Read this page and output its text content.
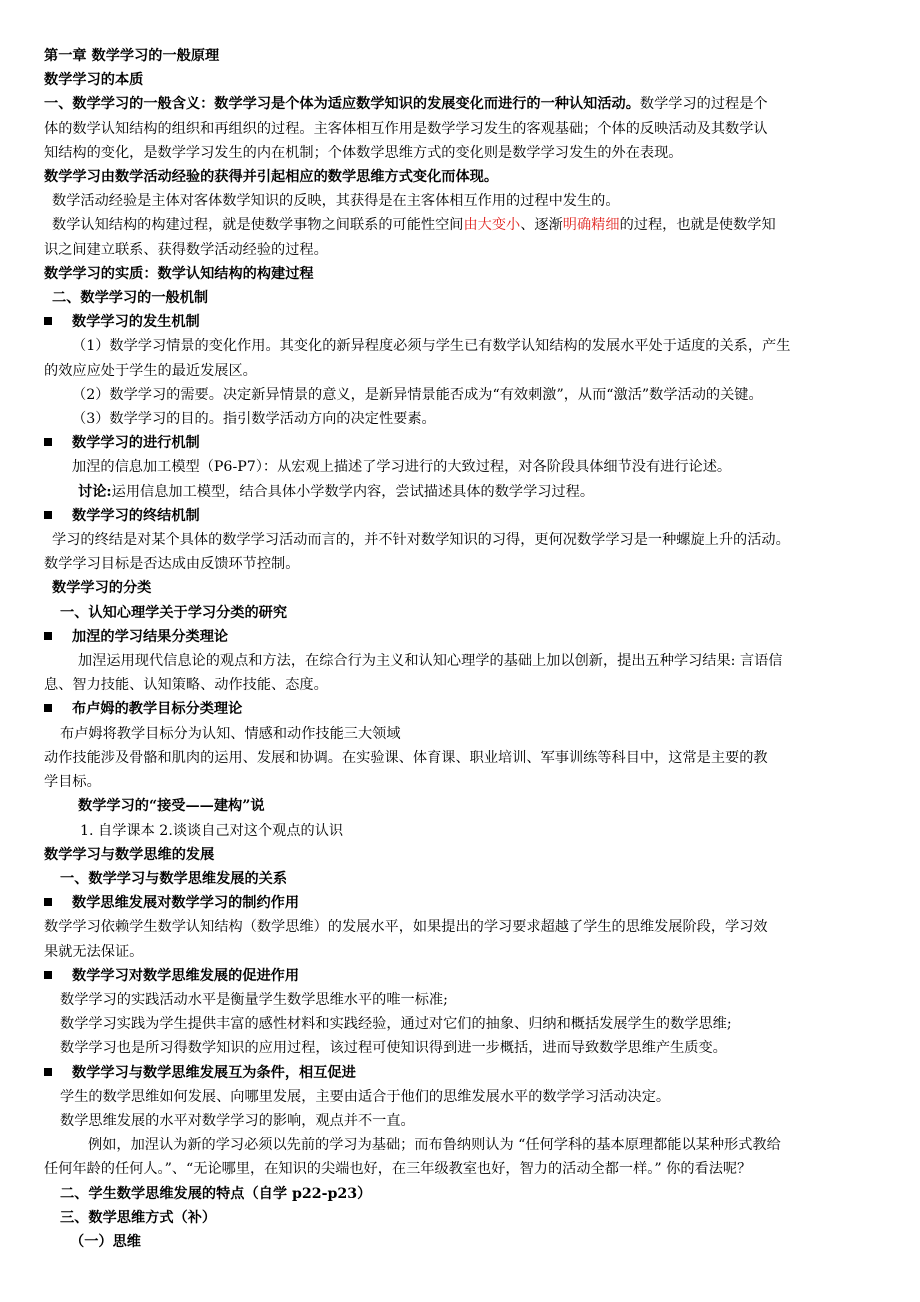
第一章 数学学习的一般原理
数学学习的本质
一、数学学习的一般含义：数学学习是个体为适应数学知识的发展变化而进行的一种认知活动。数学学习的过程是个
体的数学认知结构的组织和再组织的过程。主客体相互作用是数学学习发生的客观基础；个体的反映活动及其数学认
知结构的变化，是数学学习发生的内在机制；个体数学思维方式的变化则是数学学习发生的外在表现。
数学学习由数学活动经验的获得并引起相应的数学思维方式变化而体现。
数学活动经验是主体对客体数学知识的反映，其获得是在主客体相互作用的过程中发生的。
数学认知结构的构建过程，就是使数学事物之间联系的可能性空间由大变小、逐渐明确精细的过程，也就是使数学知
识之间建立联系、获得数学活动经验的过程。
数学学习的实质：数学认知结构的构建过程
二、数学学习的一般机制
数学学习的发生机制
（1）数学学习情景的变化作用。其变化的新异程度必须与学生已有数学认知结构的发展水平处于适度的关系，产生
的效应应处于学生的最近发展区。
（2）数学学习的需要。决定新异情景的意义，是新异情景能否成为“有效刺激”，从而“激活”数学活动的关键。
（3）数学学习的目的。指引数学活动方向的决定性要素。
数学学习的进行机制
加涅的信息加工模型（P6-P7）：从宏观上描述了学习进行的大致过程，对各阶段具体细节没有进行论述。
讨论:运用信息加工模型，结合具体小学数学内容，尝试描述具体的数学学习过程。
数学学习的终结机制
学习的终结是对某个具体的数学学习活动而言的，并不针对数学知识的习得，更何况数学学习是一种螺旋上升的活动。
数学学习目标是否达成由反馈环节控制。
数学学习的分类
一、认知心理学关于学习分类的研究
加涅的学习结果分类理论
加涅运用现代信息论的观点和方法，在综合行为主义和认知心理学的基础上加以创新，提出五种学习结果: 言语信
息、智力技能、认知策略、动作技能、态度。
布卢姆的教学目标分类理论
布卢姆将教学目标分为认知、情感和动作技能三大领域
动作技能涉及骨骼和肌肉的运用、发展和协调。在实验课、体育课、职业培训、军事训练等科目中，这常是主要的教
学目标。
数学学习的“接受——建构”说
1. 自学课本 2.谈谈自己对这个观点的认识
数学学习与数学思维的发展
一、数学学习与数学思维发展的关系
数学思维发展对数学学习的制约作用
数学学习依赖学生数学认知结构（数学思维）的发展水平，如果提出的学习要求超越了学生的思维发展阶段，学习效
果就无法保证。
数学学习对数学思维发展的促进作用
数学学习的实践活动水平是衡量学生数学思维水平的唯一标准;
数学学习实践为学生提供丰富的感性材料和实践经验，通过对它们的抽象、归纳和概括发展学生的数学思维;
数学学习也是所习得数学知识的应用过程，该过程可使知识得到进一步概括，进而导致数学思维产生质变。
数学学习与数学思维发展互为条件，相互促进
学生的数学思维如何发展、向哪里发展，主要由适合于他们的思维发展水平的数学学习活动决定。
数学思维发展的水平对数学学习的影响，观点并不一直。
例如，加涅认为新的学习必须以先前的学习为基础；而布鲁纳则认为 “任何学科的基本原理都能以某种形式教给
任何年龄的任何人。”、“无论哪里，在知识的尖端也好，在三年级教室也好，智力的活动全都一样。” 你的看法呢？
二、学生数学思维发展的特点（自学 p22-p23）
三、数学思维方式（补）
（一）思维
